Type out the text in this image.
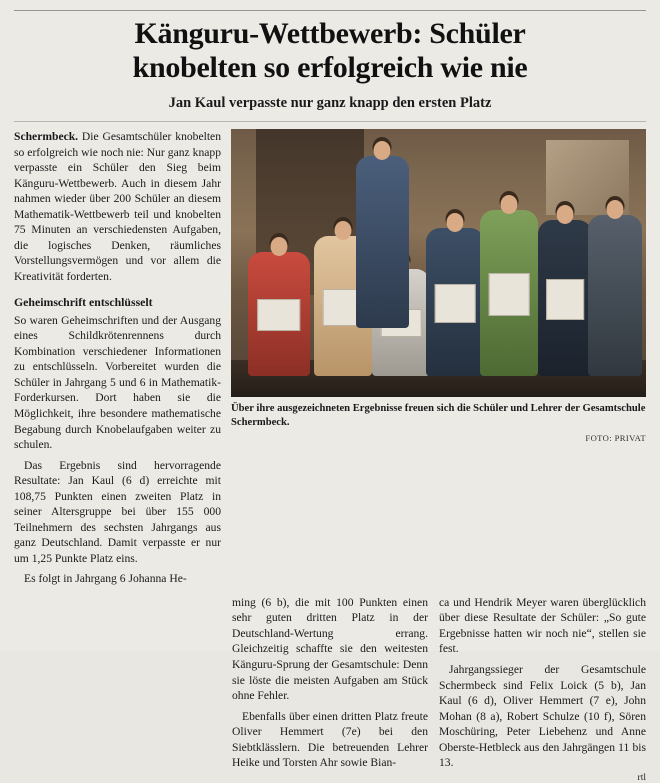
Känguru-Wettbewerb: Schüler
knobelten so erfolgreich wie nie
Jan Kaul verpasste nur ganz knapp den ersten Platz

Schermbeck. Die Gesamtschüler knobelten so erfolgreich wie noch nie: Nur ganz knapp verpasste ein Schüler den Sieg beim Känguru-Wettbewerb. Auch in diesem Jahr nahmen wieder über 200 Schüler an diesem Mathematik-Wettbewerb teil und knobelten 75 Minuten an verschiedensten Aufgaben, die logisches Denken, räumliches Vorstellungsvermögen und vor allem die Kreativität forderten.

Geheimschrift entschlüsselt

So waren Geheimschriften und der Ausgang eines Schildkrötenrennens durch Kombination verschiedener Informationen zu entschlüsseln. Vorbereitet wurden die Schüler in Jahrgang 5 und 6 in Mathematik-Forderkursen. Dort haben sie die Möglichkeit, ihre besondere mathematische Begabung durch Knobelaufgaben weiter zu schulen.

Das Ergebnis sind hervorragende Resultate: Jan Kaul (6 d) erreichte mit 108,75 Punkten einen zweiten Platz in seiner Altersgruppe bei über 155 000 Teilnehmern des sechsten Jahrgangs aus ganz Deutschland. Damit verpasste er nur um 1,25 Punkte Platz eins.

Es folgt in Jahrgang 6 Johanna He-

Über ihre ausgezeichneten Ergebnisse freuen sich die Schüler und Lehrer der Gesamtschule Schermbeck.
FOTO: PRIVAT

ming (6 b), die mit 100 Punkten einen sehr guten dritten Platz in der Deutschland-Wertung errang. Gleichzeitig schaffte sie den weitesten Känguru-Sprung der Gesamtschule: Denn sie löste die meisten Aufgaben am Stück ohne Fehler.

Ebenfalls über einen dritten Platz freute Oliver Hemmert (7e) bei den Siebtklässlern. Die betreuenden Lehrer Heike und Torsten Ahr sowie Bian-

ca und Hendrik Meyer waren überglücklich über diese Resultate der Schüler: „So gute Ergebnisse hatten wir noch nie“, stellen sie fest.

Jahrgangssieger der Gesamtschule Schermbeck sind Felix Loick (5 b), Jan Kaul (6 d), Oliver Hemmert (7 e), John Mohan (8 a), Robert Schulze (10 f), Sören Moschüring, Peter Liebehenz und Anne Oberste-Hetbleck aus den Jahrgängen 11 bis 13.

rtl
